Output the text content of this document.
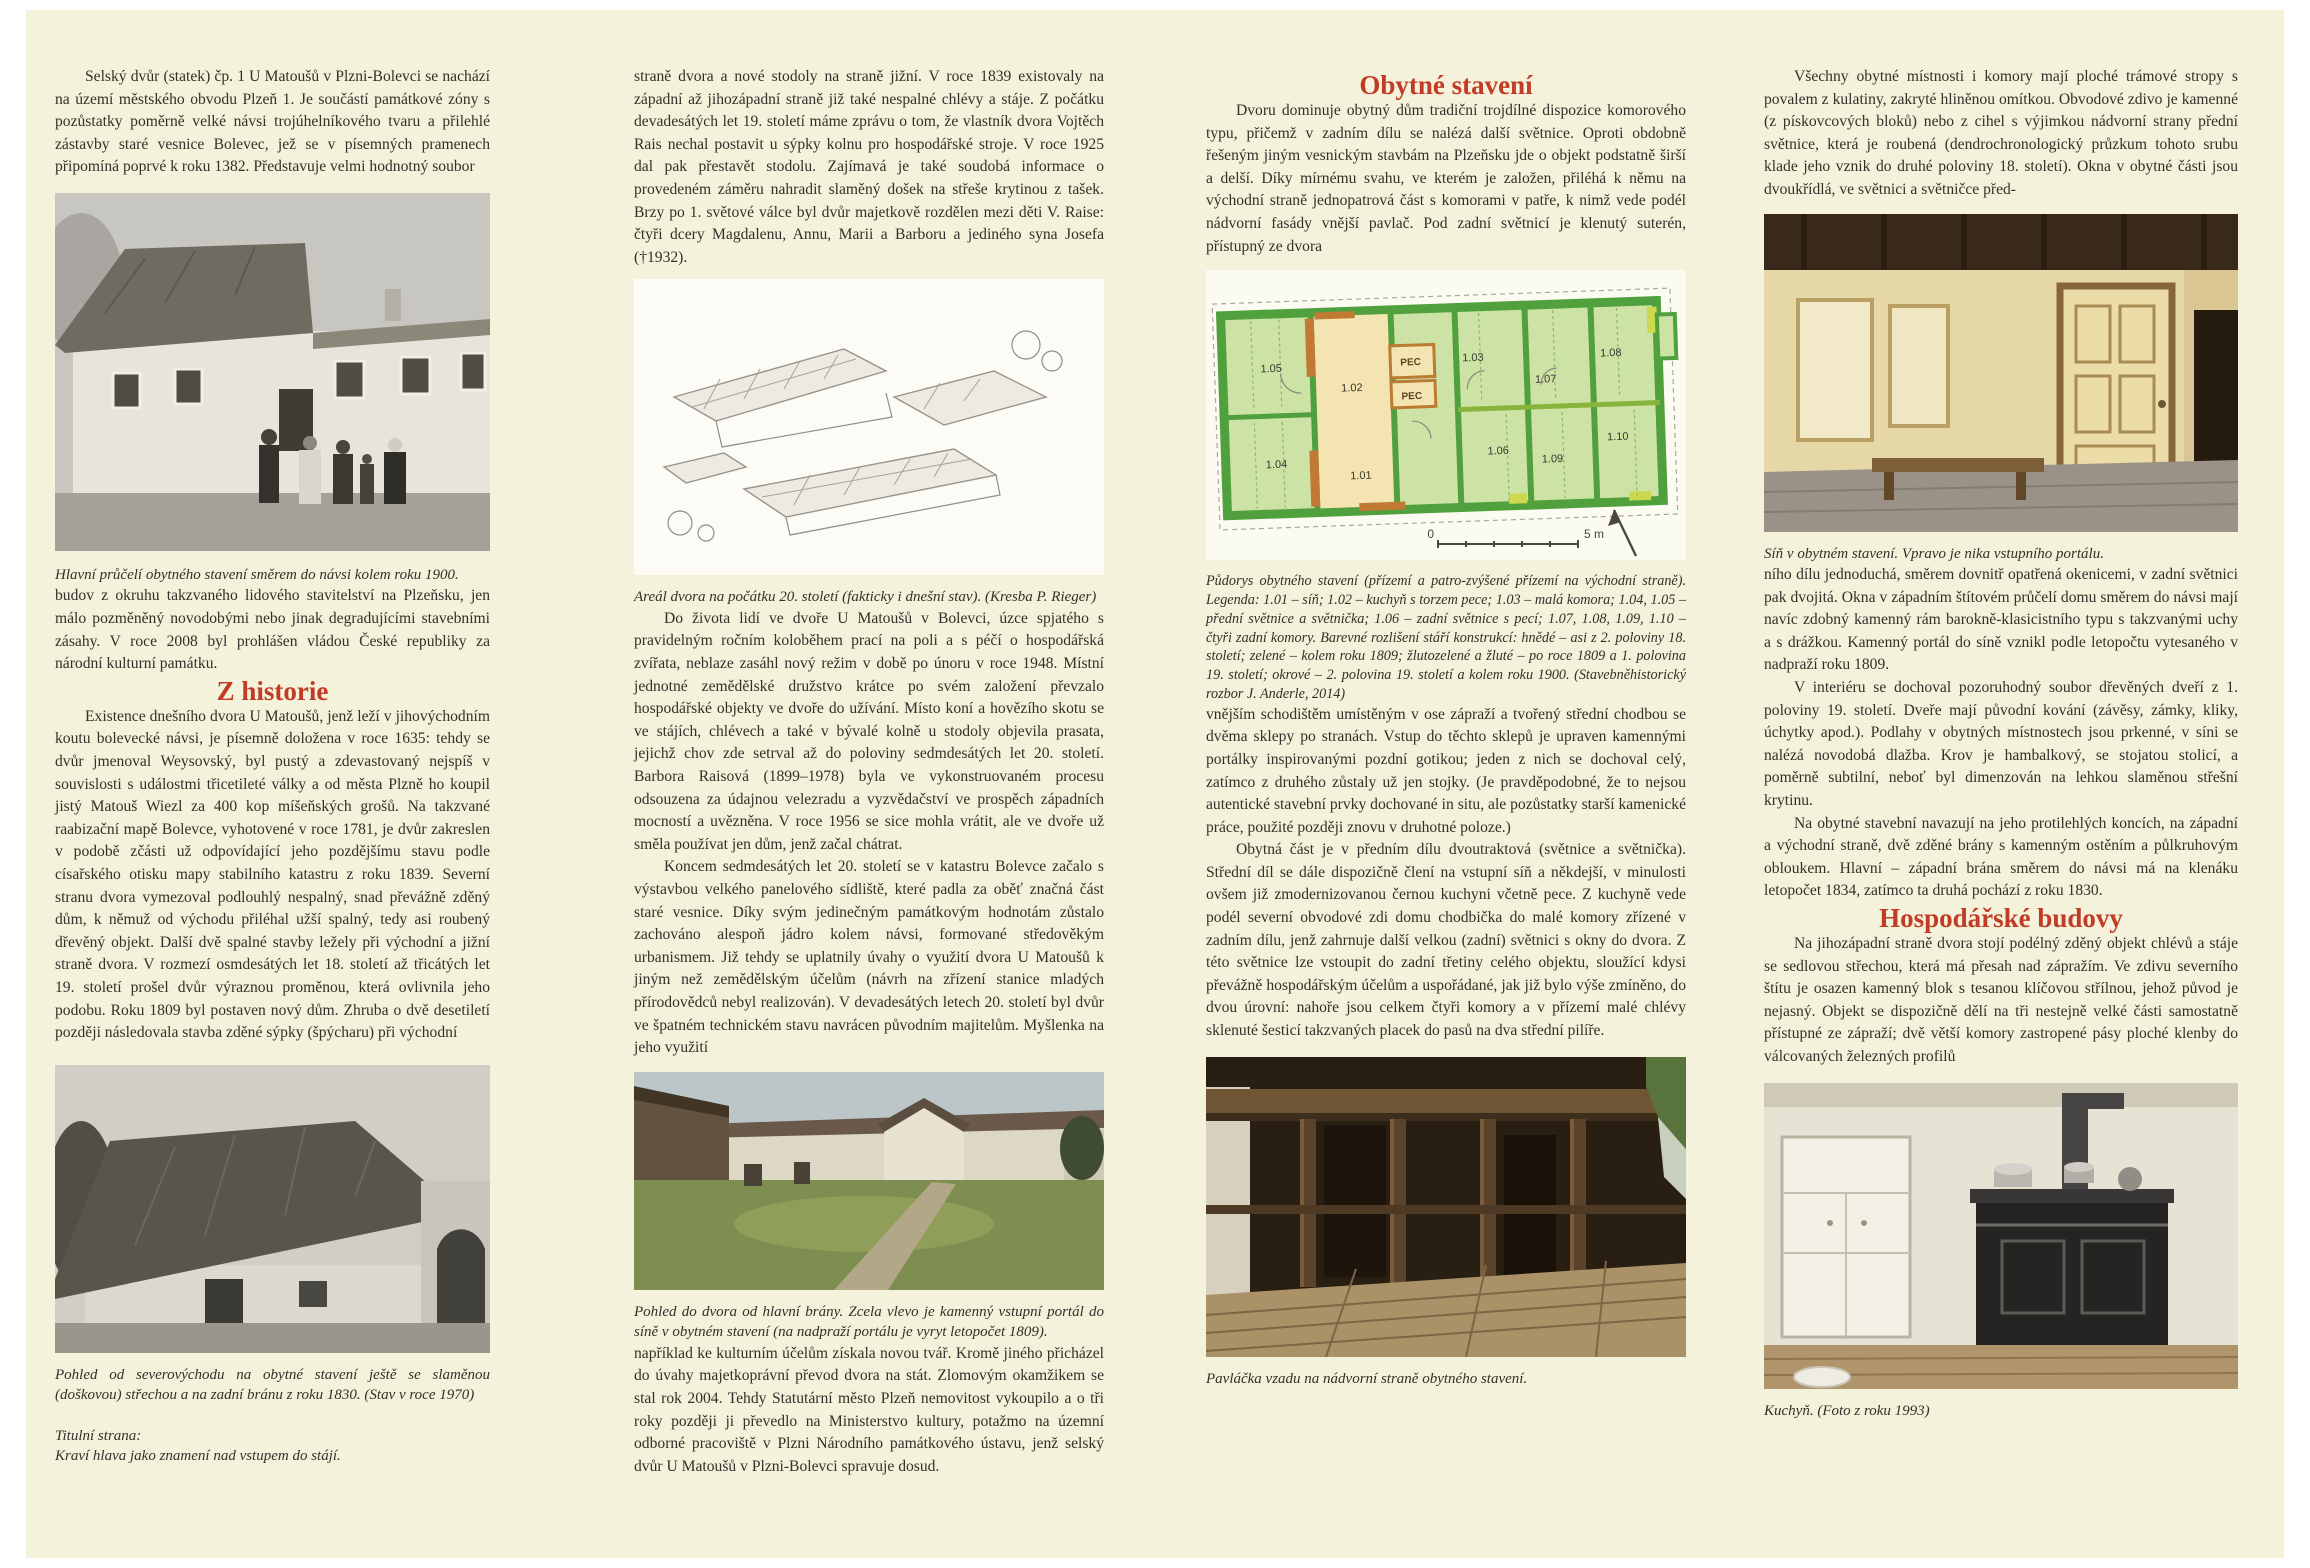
Selský dvůr (statek) čp. 1 U Matoušů v Plzni-Bolevci se nachází na území městského obvodu Plzeň 1. Je součástí památkové zóny s pozůstatky poměrně velké návsi trojúhelníkového tvaru a přilehlé zástavby staré vesnice Bolevec, jež se v písemných pramenech připomíná poprvé k roku 1382. Představuje velmi hodnotný soubor

Hlavní průčelí obytného stavení směrem do návsi kolem roku 1900.

budov z okruhu takzvaného lidového stavitelství na Plzeňsku, jen málo pozměněný novodobými nebo jinak degradujícími stavebními zásahy. V roce 2008 byl prohlášen vládou České republiky za národní kulturní památku.

Z historie

Existence dnešního dvora U Matoušů, jenž leží v jihovýchodním koutu bolevecké návsi, je písemně doložena v roce 1635: tehdy se dvůr jmenoval Weysovský, byl pustý a zdevastovaný nejspíš v souvislosti s událostmi třicetileté války a od města Plzně ho koupil jistý Matouš Wiezl za 400 kop míšeňských grošů. Na takzvané raabizační mapě Bolevce, vyhotovené v roce 1781, je dvůr zakreslen v podobě zčásti už odpovídající jeho pozdějšímu stavu podle císařského otisku mapy stabilního katastru z roku 1839. Severní stranu dvora vymezoval podlouhlý nespalný, snad převážně zděný dům, k němuž od východu přiléhal užší spalný, tedy asi roubený dřevěný objekt. Další dvě spalné stavby ležely při východní a jižní straně dvora. V rozmezí osmdesátých let 18. století až třicátých let 19. století prošel dvůr výraznou proměnou, která ovlivnila jeho podobu. Roku 1809 byl postaven nový dům. Zhruba o dvě desetiletí později následovala stavba zděné sýpky (špýcharu) při východní

Pohled od severovýchodu na obytné stavení ještě se slaměnou (doškovou) střechou a na zadní bránu z roku 1830. (Stav v roce 1970)

Titulní strana:

Kraví hlava jako znamení nad vstupem do stájí.

straně dvora a nové stodoly na straně jižní. V roce 1839 existovaly na západní až jihozápadní straně již také nespalné chlévy a stáje. Z počátku devadesátých let 19. století máme zprávu o tom, že vlastník dvora Vojtěch Rais nechal postavit u sýpky kolnu pro hospodářské stroje. V roce 1925 dal pak přestavět stodolu. Zajímavá je také soudobá informace o provedeném záměru nahradit slaměný došek na střeše krytinou z tašek. Brzy po 1. světové válce byl dvůr majetkově rozdělen mezi děti V. Raise: čtyři dcery Magdalenu, Annu, Marii a Barboru a jediného syna Josefa (†1932).

Areál dvora na počátku 20. století (fakticky i dnešní stav). (Kresba P. Rieger)

Do života lidí ve dvoře U Matoušů v Bolevci, úzce spjatého s pravidelným ročním koloběhem prací na poli a s péčí o hospodářská zvířata, neblaze zasáhl nový režim v době po únoru v roce 1948. Místní jednotné zemědělské družstvo krátce po svém založení převzalo hospodářské objekty ve dvoře do užívání. Místo koní a hovězího skotu se ve stájích, chlévech a také v bývalé kolně u stodoly objevila prasata, jejichž chov zde setrval až do poloviny sedmdesátých let 20. století. Barbora Raisová (1899–1978) byla ve vykonstruovaném procesu odsouzena za údajnou velezradu a vyzvědačství ve prospěch západních mocností a uvězněna. V roce 1956 se sice mohla vrátit, ale ve dvoře už směla používat jen dům, jenž začal chátrat.

Koncem sedmdesátých let 20. století se v katastru Bolevce začalo s výstavbou velkého panelového sídliště, které padla za oběť značná část staré vesnice. Díky svým jedinečným památkovým hodnotám zůstalo zachováno alespoň jádro kolem návsi, formované středověkým urbanismem. Již tehdy se uplatnily úvahy o využití dvora U Matoušů k jiným než zemědělským účelům (návrh na zřízení stanice mladých přírodovědců nebyl realizován). V devadesátých letech 20. století byl dvůr ve špatném technickém stavu navrácen původním majitelům. Myšlenka na jeho využití

Pohled do dvora od hlavní brány. Zcela vlevo je kamenný vstupní portál do síně v obytném stavení (na nadpraží portálu je vyryt letopočet 1809).

například ke kulturním účelům získala novou tvář. Kromě jiného přicházel do úvahy majetkoprávní převod dvora na stát. Zlomovým okamžikem se stal rok 2004. Tehdy Statutární město Plzeň nemovitost vykoupilo a o tři roky později ji převedlo na Ministerstvo kultury, potažmo na územní odborné pracoviště v Plzni Národního památkového ústavu, jenž selský dvůr U Matoušů v Plzni-Bolevci spravuje dosud.

Obytné stavení

Dvoru dominuje obytný dům tradiční trojdílné dispozice komorového typu, přičemž v zadním dílu se nalézá další světnice. Oproti obdobně řešeným jiným vesnickým stavbám na Plzeňsku jde o objekt podstatně širší a delší. Díky mírnému svahu, ve kterém je založen, přiléhá k němu na východní straně jednopatrová část s komorami v patře, k nimž vede podél nádvorní fasády vnější pavlač. Pod zadní světnicí je klenutý suterén, přístupný ze dvora

1.05
1.02
PEC
PEC
1.03
1.07
1.08
1.04
1.01
1.06
1.09
1.10
0	5 m
Půdorys obytného stavení (přízemí a patro-zvýšené přízemí na východní straně). Legenda: 1.01 – síň; 1.02 – kuchyň s torzem pece; 1.03 – malá komora; 1.04, 1.05 – přední světnice a světnička; 1.06 – zadní světnice s pecí; 1.07, 1.08, 1.09, 1.10 – čtyři zadní komory. Barevné rozlišení stáří konstrukcí: hnědé – asi z 2. poloviny 18. století; zelené – kolem roku 1809; žlutozelené a žluté – po roce 1809 a 1. polovina 19. století; okrové – 2. polovina 19. století a kolem roku 1900. (Stavebněhistorický rozbor J. Anderle, 2014)

vnějším schodištěm umístěným v ose zápraží a tvořený střední chodbou se dvěma sklepy po stranách. Vstup do těchto sklepů je upraven kamennými portálky inspirovanými pozdní gotikou; jeden z nich se dochoval celý, zatímco z druhého zůstaly už jen stojky. (Je pravděpodobné, že to nejsou autentické stavební prvky dochované in situ, ale pozůstatky starší kamenické práce, použité později znovu v druhotné poloze.)

Obytná část je v předním dílu dvoutraktová (světnice a světnička). Střední díl se dále dispozičně člení na vstupní síň a někdejší, v minulosti ovšem již zmodernizovanou černou kuchyni včetně pece. Z kuchyně vede podél severní obvodové zdi domu chodbička do malé komory zřízené v zadním dílu, jenž zahrnuje další velkou (zadní) světnici s okny do dvora. Z této světnice lze vstoupit do zadní třetiny celého objektu, sloužící kdysi převážně hospodářským účelům a uspořádané, jak již bylo výše zmíněno, do dvou úrovní: nahoře jsou celkem čtyři komory a v přízemí malé chlévy sklenuté šesticí takzvaných placek do pasů na dva střední pilíře.

Pavláčka vzadu na nádvorní straně obytného stavení.

Všechny obytné místnosti i komory mají ploché trámové stropy s povalem z kulatiny, zakryté hliněnou omítkou. Obvodové zdivo je kamenné (z pískovcových bloků) nebo z cihel s výjimkou nádvorní strany přední světnice, která je roubená (dendrochronologický průzkum tohoto srubu klade jeho vznik do druhé poloviny 18. století). Okna v obytné části jsou dvoukřídlá, ve světnici a světničce před-

Síň v obytném stavení. Vpravo je nika vstupního portálu.

ního dílu jednoduchá, směrem dovnitř opatřená okenicemi, v zadní světnici pak dvojitá. Okna v západním štítovém průčelí domu směrem do návsi mají navíc zdobný kamenný rám barokně-klasicistního typu s takzvanými uchy a s drážkou. Kamenný portál do síně vznikl podle letopočtu vytesaného v nadpraží roku 1809.

V interiéru se dochoval pozoruhodný soubor dřevěných dveří z 1. poloviny 19. století. Dveře mají původní kování (závěsy, zámky, kliky, úchytky apod.). Podlahy v obytných místnostech jsou prkenné, v síni se nalézá novodobá dlažba. Krov je hambalkový, se stojatou stolicí, a poměrně subtilní, neboť byl dimenzován na lehkou slaměnou střešní krytinu.

Na obytné stavební navazují na jeho protilehlých koncích, na západní a východní straně, dvě zděné brány s kamenným ostěním a půlkruhovým obloukem. Hlavní – západní brána směrem do návsi má na klenáku letopočet 1834, zatímco ta druhá pochází z roku 1830.

Hospodářské budovy

Na jihozápadní straně dvora stojí podélný zděný objekt chlévů a stáje se sedlovou střechou, která má přesah nad zápražím. Ve zdivu severního štítu je osazen kamenný blok s tesanou klíčovou střílnou, jehož původ je nejasný. Objekt se dispozičně dělí na tři nestejně velké části samostatně přístupné ze zápraží; dvě větší komory zastropené pásy ploché klenby do válcovaných železných profilů

Kuchyň. (Foto z roku 1993)
